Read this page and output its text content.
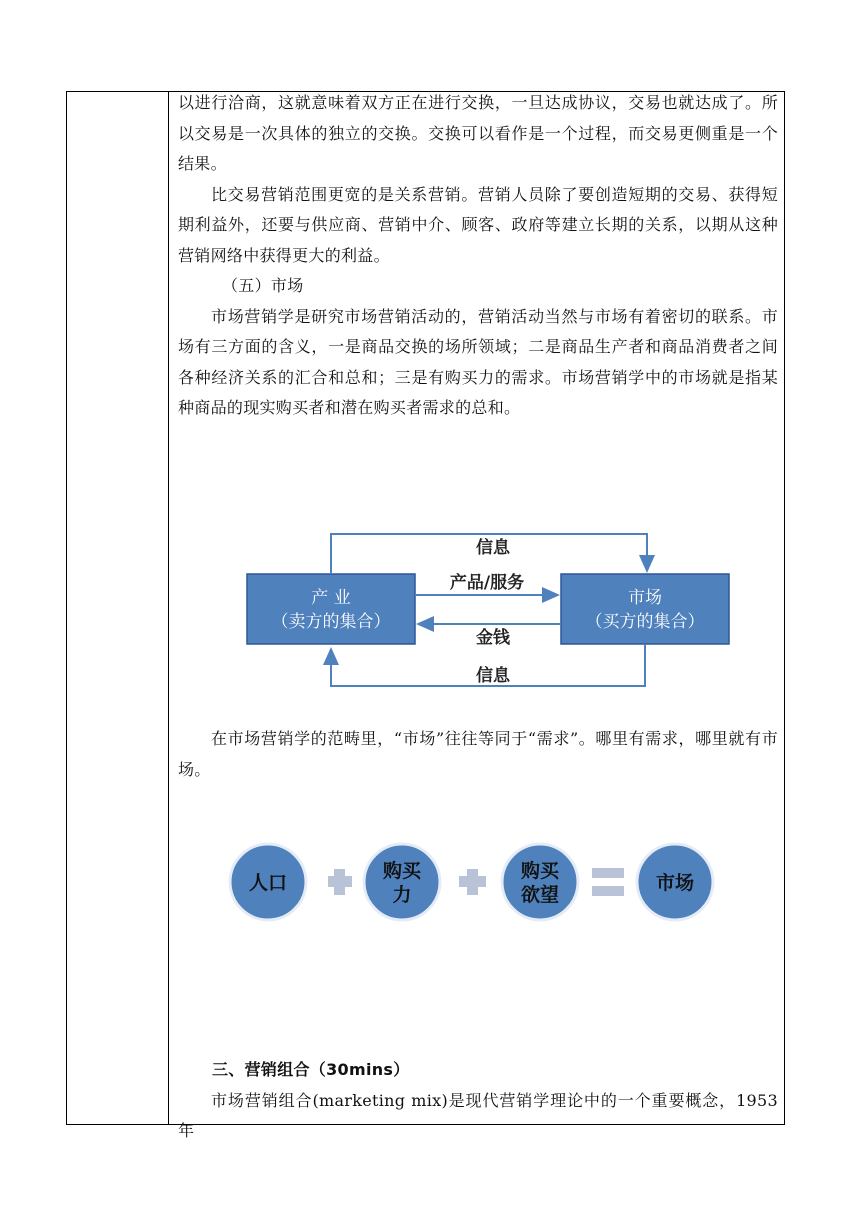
以进行洽商，这就意味着双方正在进行交换，一旦达成协议，交易也就达成了。所以交易是一次具体的独立的交换。交换可以看作是一个过程，而交易更侧重是一个结果。

比交易营销范围更宽的是关系营销。营销人员除了要创造短期的交易、获得短期利益外，还要与供应商、营销中介、顾客、政府等建立长期的关系，以期从这种营销网络中获得更大的利益。

（五）市场

市场营销学是研究市场营销活动的，营销活动当然与市场有着密切的联系。市场有三方面的含义，一是商品交换的场所领域；二是商品生产者和商品消费者之间各种经济关系的汇合和总和；三是有购买力的需求。市场营销学中的市场就是指某种商品的现实购买者和潜在购买者需求的总和。

产 业
（卖方的集合）
市场
（买方的集合）
信息
产品/服务
金钱
信息

在市场营销学的范畴里，“市场”往往等同于“需求”。哪里有需求，哪里就有市场。

人口
购买
力
购买
欲望
市场

三、营销组合（30mins）

市场营销组合(marketing mix)是现代营销学理论中的一个重要概念，1953 年
